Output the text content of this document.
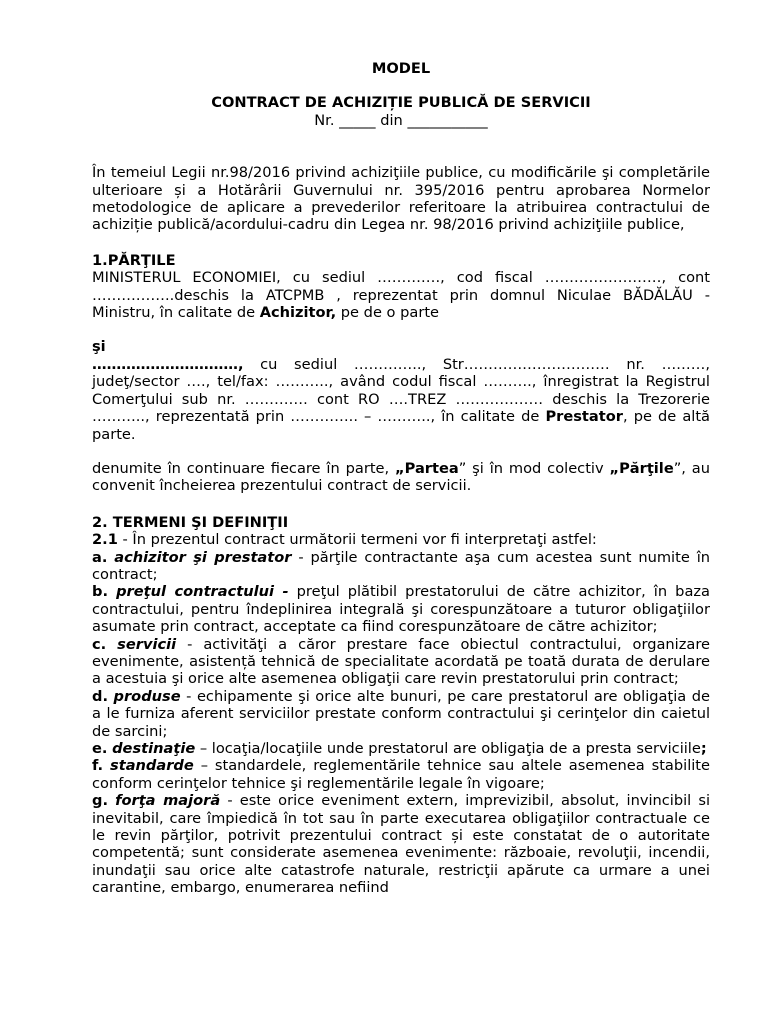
MODEL

CONTRACT DE ACHIZIȚIE PUBLICĂ DE SERVICII

Nr. _____ din ___________

În temeiul Legii nr.98/2016 privind achiziţiile publice, cu modificările şi completările ulterioare și a Hotărârii Guvernului nr. 395/2016 pentru aprobarea Normelor metodologice de aplicare a prevederilor referitoare la atribuirea contractului de achiziție publică/acordului-cadru din Legea nr. 98/2016 privind achiziţiile publice,

1.PĂRŢILE

MINISTERUL ECONOMIEI, cu sediul …………., cod fiscal ……………………, cont ……………..deschis la ATCPMB , reprezentat prin domnul Niculae BĂDĂLĂU - Ministru, în calitate de Achizitor, pe de o parte

şi

…………………………, cu sediul ………….., Str………………………… nr. ………, judeţ/sector …., tel/fax: ……….., având codul fiscal ………., înregistrat la Registrul Comerţului sub nr. …………. cont RO ….TREZ ……………… deschis la Trezorerie ……….., reprezentată prin ………….. – ……….., în calitate de Prestator, pe de altă parte.

denumite în continuare fiecare în parte, „Partea” şi în mod colectiv „Părţile”, au convenit încheierea prezentului contract de servicii.

2. TERMENI ŞI DEFINIŢII

2.1 - În prezentul contract următorii termeni vor fi interpretaţi astfel:

a. achizitor şi prestator - părţile contractante aşa cum acestea sunt numite în contract;

b. preţul contractului - preţul plătibil prestatorului de către achizitor, în baza contractului, pentru îndeplinirea integrală şi corespunzătoare a tuturor obligaţiilor asumate prin contract, acceptate ca fiind corespunzătoare de către achizitor;

c. servicii - activităţi a căror prestare face obiectul contractului, organizare evenimente, asistență tehnică de specialitate acordată pe toată durata de derulare a acestuia şi orice alte asemenea obligaţii care revin prestatorului prin contract;

d. produse - echipamente şi orice alte bunuri, pe care prestatorul are obligaţia de a le furniza aferent serviciilor prestate conform contractului şi cerinţelor din caietul de sarcini;

e. destinaţie – locaţia/locaţiile unde prestatorul are obligaţia de a presta serviciile;

f. standarde – standardele, reglementările tehnice sau altele asemenea stabilite conform cerinţelor tehnice şi reglementările legale în vigoare;

g. forţa majoră - este orice eveniment extern, imprevizibil, absolut, invincibil si inevitabil, care împiedică în tot sau în parte executarea obligaţiilor contractuale ce le revin părţilor, potrivit prezentului contract și este constatat de o autoritate competentă; sunt considerate asemenea evenimente: războaie, revoluţii, incendii, inundaţii sau orice alte catastrofe naturale, restricţii apărute ca urmare a unei carantine, embargo, enumerarea nefiind
